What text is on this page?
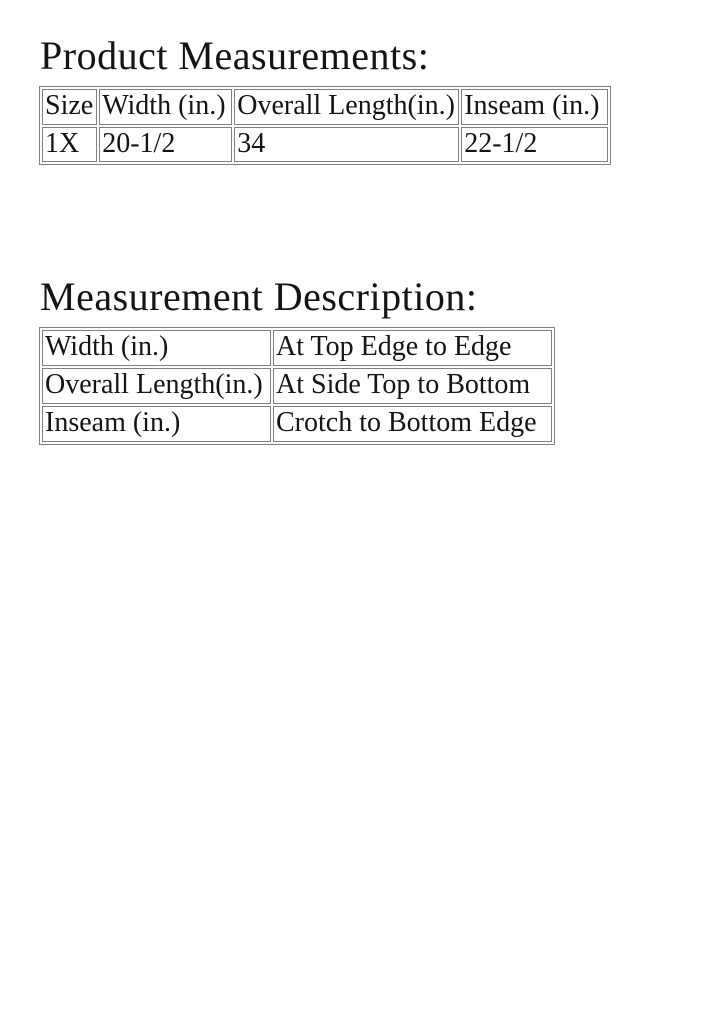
Product Measurements:
Size	Width (in.)	Overall Length(in.)	Inseam (in.)
1X	20-1/2	34	22-1/2
Measurement Description:
Width (in.)	At Top Edge to Edge
Overall Length(in.)	At Side Top to Bottom
Inseam (in.)	Crotch to Bottom Edge
